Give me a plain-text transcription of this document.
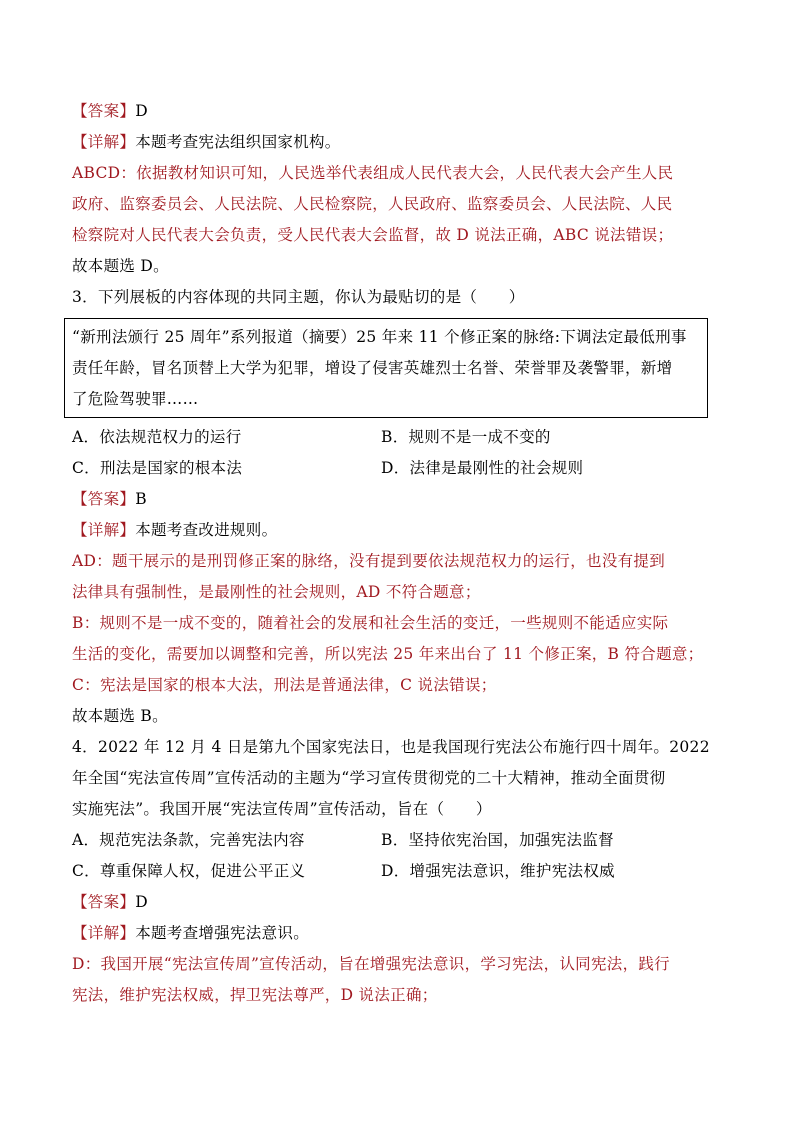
【答案】D
【详解】本题考查宪法组织国家机构。
ABCD：依据教材知识可知，人民选举代表组成人民代表大会，人民代表大会产生人民
政府、监察委员会、人民法院、人民检察院，人民政府、监察委员会、人民法院、人民
检察院对人民代表大会负责，受人民代表大会监督，故 D 说法正确，ABC 说法错误；
故本题选 D。
3．下列展板的内容体现的共同主题，你认为最贴切的是（　　）
“新刑法颁行 25 周年”系列报道（摘要）25 年来 11 个修正案的脉络:下调法定最低刑事
责任年龄，冒名顶替上大学为犯罪，增设了侵害英雄烈士名誉、荣誉罪及袭警罪，新增
了危险驾驶罪……
A．依法规范权力的运行	B．规则不是一成不变的
C．刑法是国家的根本法	D．法律是最刚性的社会规则
【答案】B
【详解】本题考查改进规则。
AD：题干展示的是刑罚修正案的脉络，没有提到要依法规范权力的运行，也没有提到
法律具有强制性，是最刚性的社会规则，AD 不符合题意；
B：规则不是一成不变的，随着社会的发展和社会生活的变迁，一些规则不能适应实际
生活的变化，需要加以调整和完善，所以宪法 25 年来出台了 11 个修正案，B 符合题意；
C：宪法是国家的根本大法，刑法是普通法律，C 说法错误；
故本题选 B。
4．2022 年 12 月 4 日是第九个国家宪法日，也是我国现行宪法公布施行四十周年。2022
年全国“宪法宣传周”宣传活动的主题为“学习宣传贯彻党的二十大精神，推动全面贯彻
实施宪法”。我国开展“宪法宣传周”宣传活动，旨在（　　）
A．规范宪法条款，完善宪法内容	B．坚持依宪治国，加强宪法监督
C．尊重保障人权，促进公平正义	D．增强宪法意识，维护宪法权威
【答案】D
【详解】本题考查增强宪法意识。
D：我国开展“宪法宣传周”宣传活动，旨在增强宪法意识，学习宪法，认同宪法，践行
宪法，维护宪法权威，捍卫宪法尊严，D 说法正确；
